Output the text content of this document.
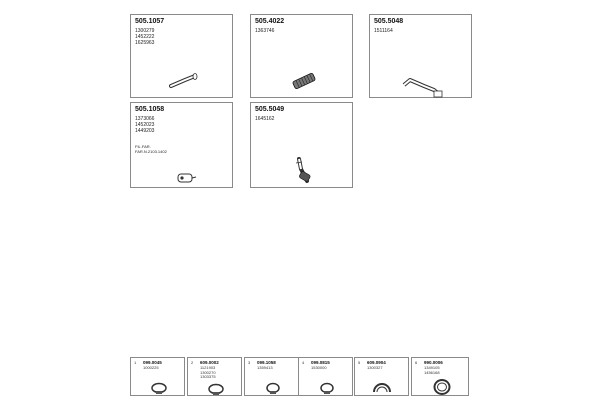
505.1057
1300279
1452222
1625963
505.4022
1363746
505.5048
1511164
505.1058
1373066
1452023
1449203
FIL.FAR.
FAR.N.2103.1402
505.5049
1645162
1 099.0045
1000225
2 609.0002
1121903
1300270
1303375
3 099.1058
1359413
4 099.0815
1530000
5 609.0904
1300327
6 990.0006
1349105
1456168
